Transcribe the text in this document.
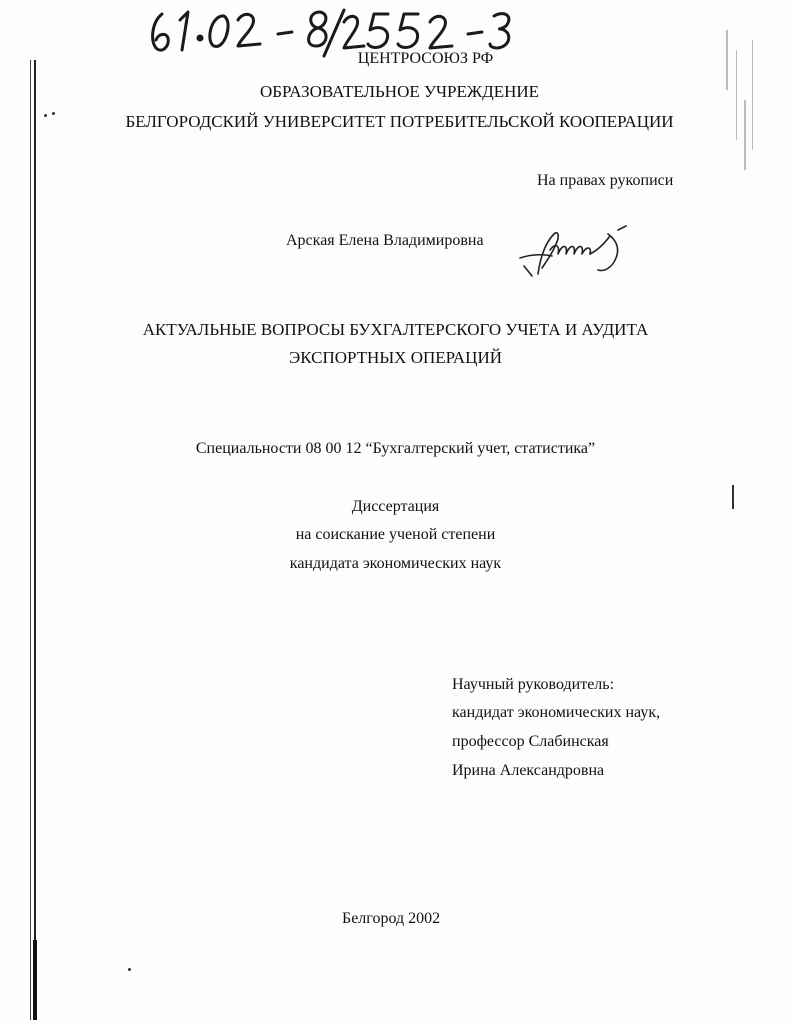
ЦЕНТРОСОЮЗ РФ
ОБРАЗОВАТЕЛЬНОЕ УЧРЕЖДЕНИЕ
БЕЛГОРОДСКИЙ УНИВЕРСИТЕТ ПОТРЕБИТЕЛЬСКОЙ КООПЕРАЦИИ
На правах рукописи
Арская Елена Владимировна
АКТУАЛЬНЫЕ ВОПРОСЫ БУХГАЛТЕРСКОГО УЧЕТА И АУДИТА
ЭКСПОРТНЫХ ОПЕРАЦИЙ
Специальности 08 00 12 “Бухгалтерский учет, статистика”
Диссертация
на соискание ученой степени
кандидата экономических наук
Научный руководитель:
кандидат экономических наук,
профессор Слабинская
Ирина Александровна
Белгород 2002
